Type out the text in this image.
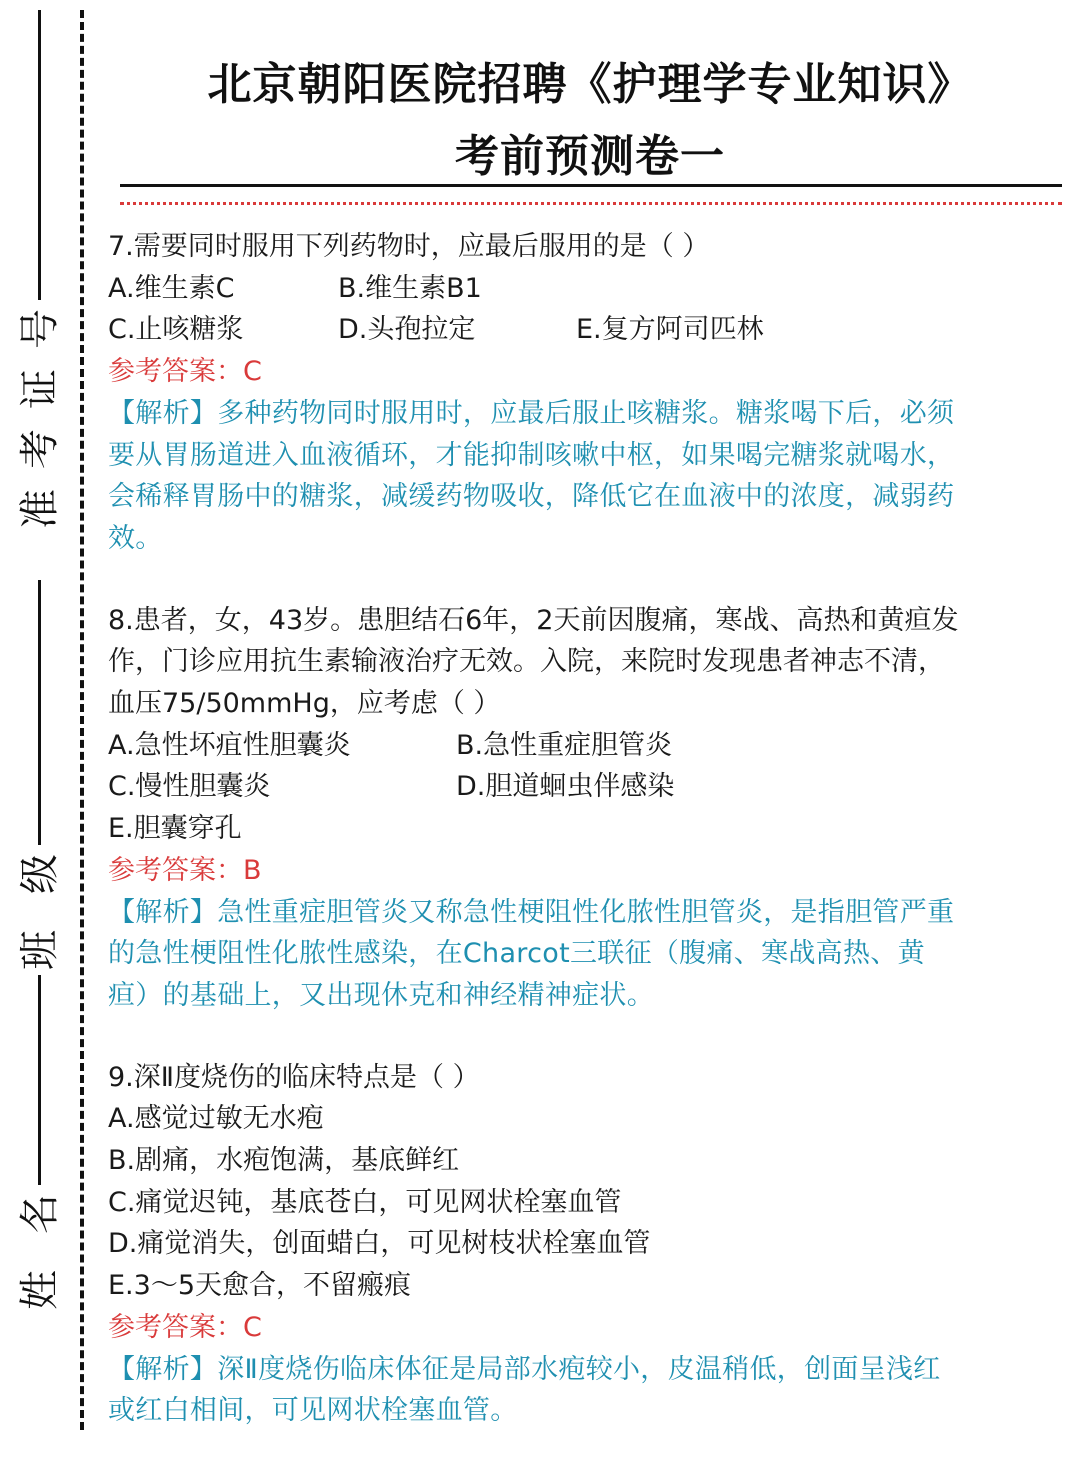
号
证
考
准
级
班
名
姓
北京朝阳医院招聘《护理学专业知识》
考前预测卷一
7.需要同时服用下列药物时，应最后服用的是（ ）
A.维生素C	B.维生素B1
C.止咳糖浆	D.头孢拉定	E.复方阿司匹林
参考答案：C
【解析】多种药物同时服用时，应最后服止咳糖浆。糖浆喝下后，必须
要从胃肠道进入血液循环，才能抑制咳嗽中枢，如果喝完糖浆就喝水，
会稀释胃肠中的糖浆，减缓药物吸收，降低它在血液中的浓度，减弱药
效。
8.患者，女，43岁。患胆结石6年，2天前因腹痛，寒战、高热和黄疸发
作，门诊应用抗生素输液治疗无效。入院，来院时发现患者神志不清，
血压75/50mmHg，应考虑（ ）
A.急性坏疽性胆囊炎	B.急性重症胆管炎
C.慢性胆囊炎	D.胆道蛔虫伴感染
E.胆囊穿孔
参考答案：B
【解析】急性重症胆管炎又称急性梗阻性化脓性胆管炎，是指胆管严重
的急性梗阻性化脓性感染，在Charcot三联征（腹痛、寒战高热、黄
疸）的基础上，又出现休克和神经精神症状。
9.深Ⅱ度烧伤的临床特点是（ ）
A.感觉过敏无水疱
B.剧痛，水疱饱满，基底鲜红
C.痛觉迟钝，基底苍白，可见网状栓塞血管
D.痛觉消失，创面蜡白，可见树枝状栓塞血管
E.3～5天愈合，不留瘢痕
参考答案：C
【解析】深Ⅱ度烧伤临床体征是局部水疱较小，皮温稍低，创面呈浅红
或红白相间，可见网状栓塞血管。
